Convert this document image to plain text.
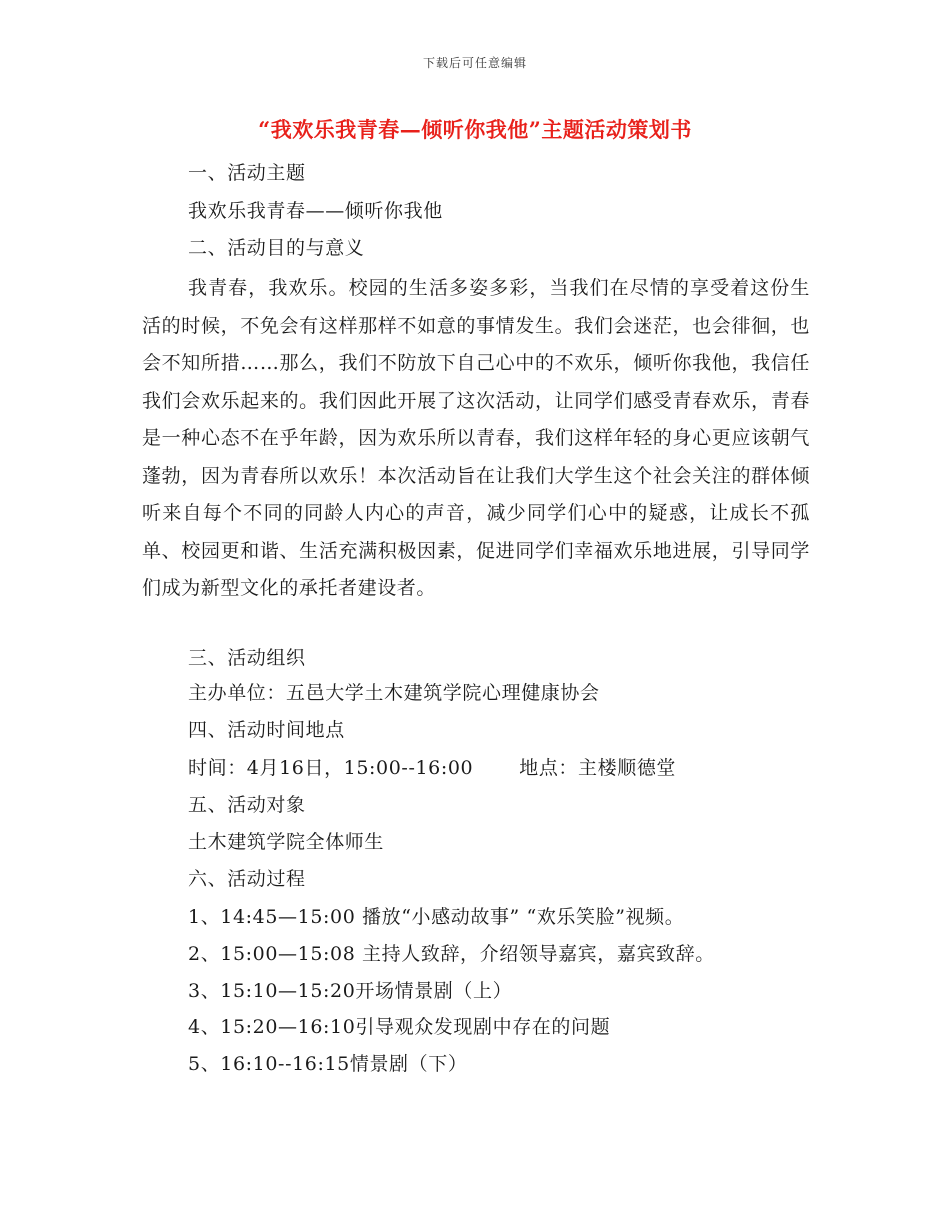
下载后可任意编辑
“我欢乐我青春—倾听你我他”主题活动策划书
一、活动主题
我欢乐我青春——倾听你我他
二、活动目的与意义

我青春，我欢乐。校园的生活多姿多彩，当我们在尽情的享受着这份生活的时候，不免会有这样那样不如意的事情发生。我们会迷茫，也会徘徊，也会不知所措……那么，我们不防放下自己心中的不欢乐，倾听你我他，我信任我们会欢乐起来的。我们因此开展了这次活动，让同学们感受青春欢乐，青春是一种心态不在乎年龄，因为欢乐所以青春，我们这样年轻的身心更应该朝气蓬勃，因为青春所以欢乐！本次活动旨在让我们大学生这个社会关注的群体倾听来自每个不同的同龄人内心的声音，减少同学们心中的疑惑，让成长不孤单、校园更和谐、生活充满积极因素，促进同学们幸福欢乐地进展，引导同学们成为新型文化的承托者建设者。

三、活动组织
主办单位：五邑大学土木建筑学院心理健康协会
四、活动时间地点
时间：4月16日，15:00--16:00 地点：主楼顺德堂
五、活动对象
土木建筑学院全体师生
六、活动过程
1、14:45—15:00 播放“小感动故事” “欢乐笑脸”视频。
2、15:00—15:08 主持人致辞，介绍领导嘉宾，嘉宾致辞。
3、15:10—15:20开场情景剧（上）
4、15:20—16:10引导观众发现剧中存在的问题
5、16:10--16:15情景剧（下）
